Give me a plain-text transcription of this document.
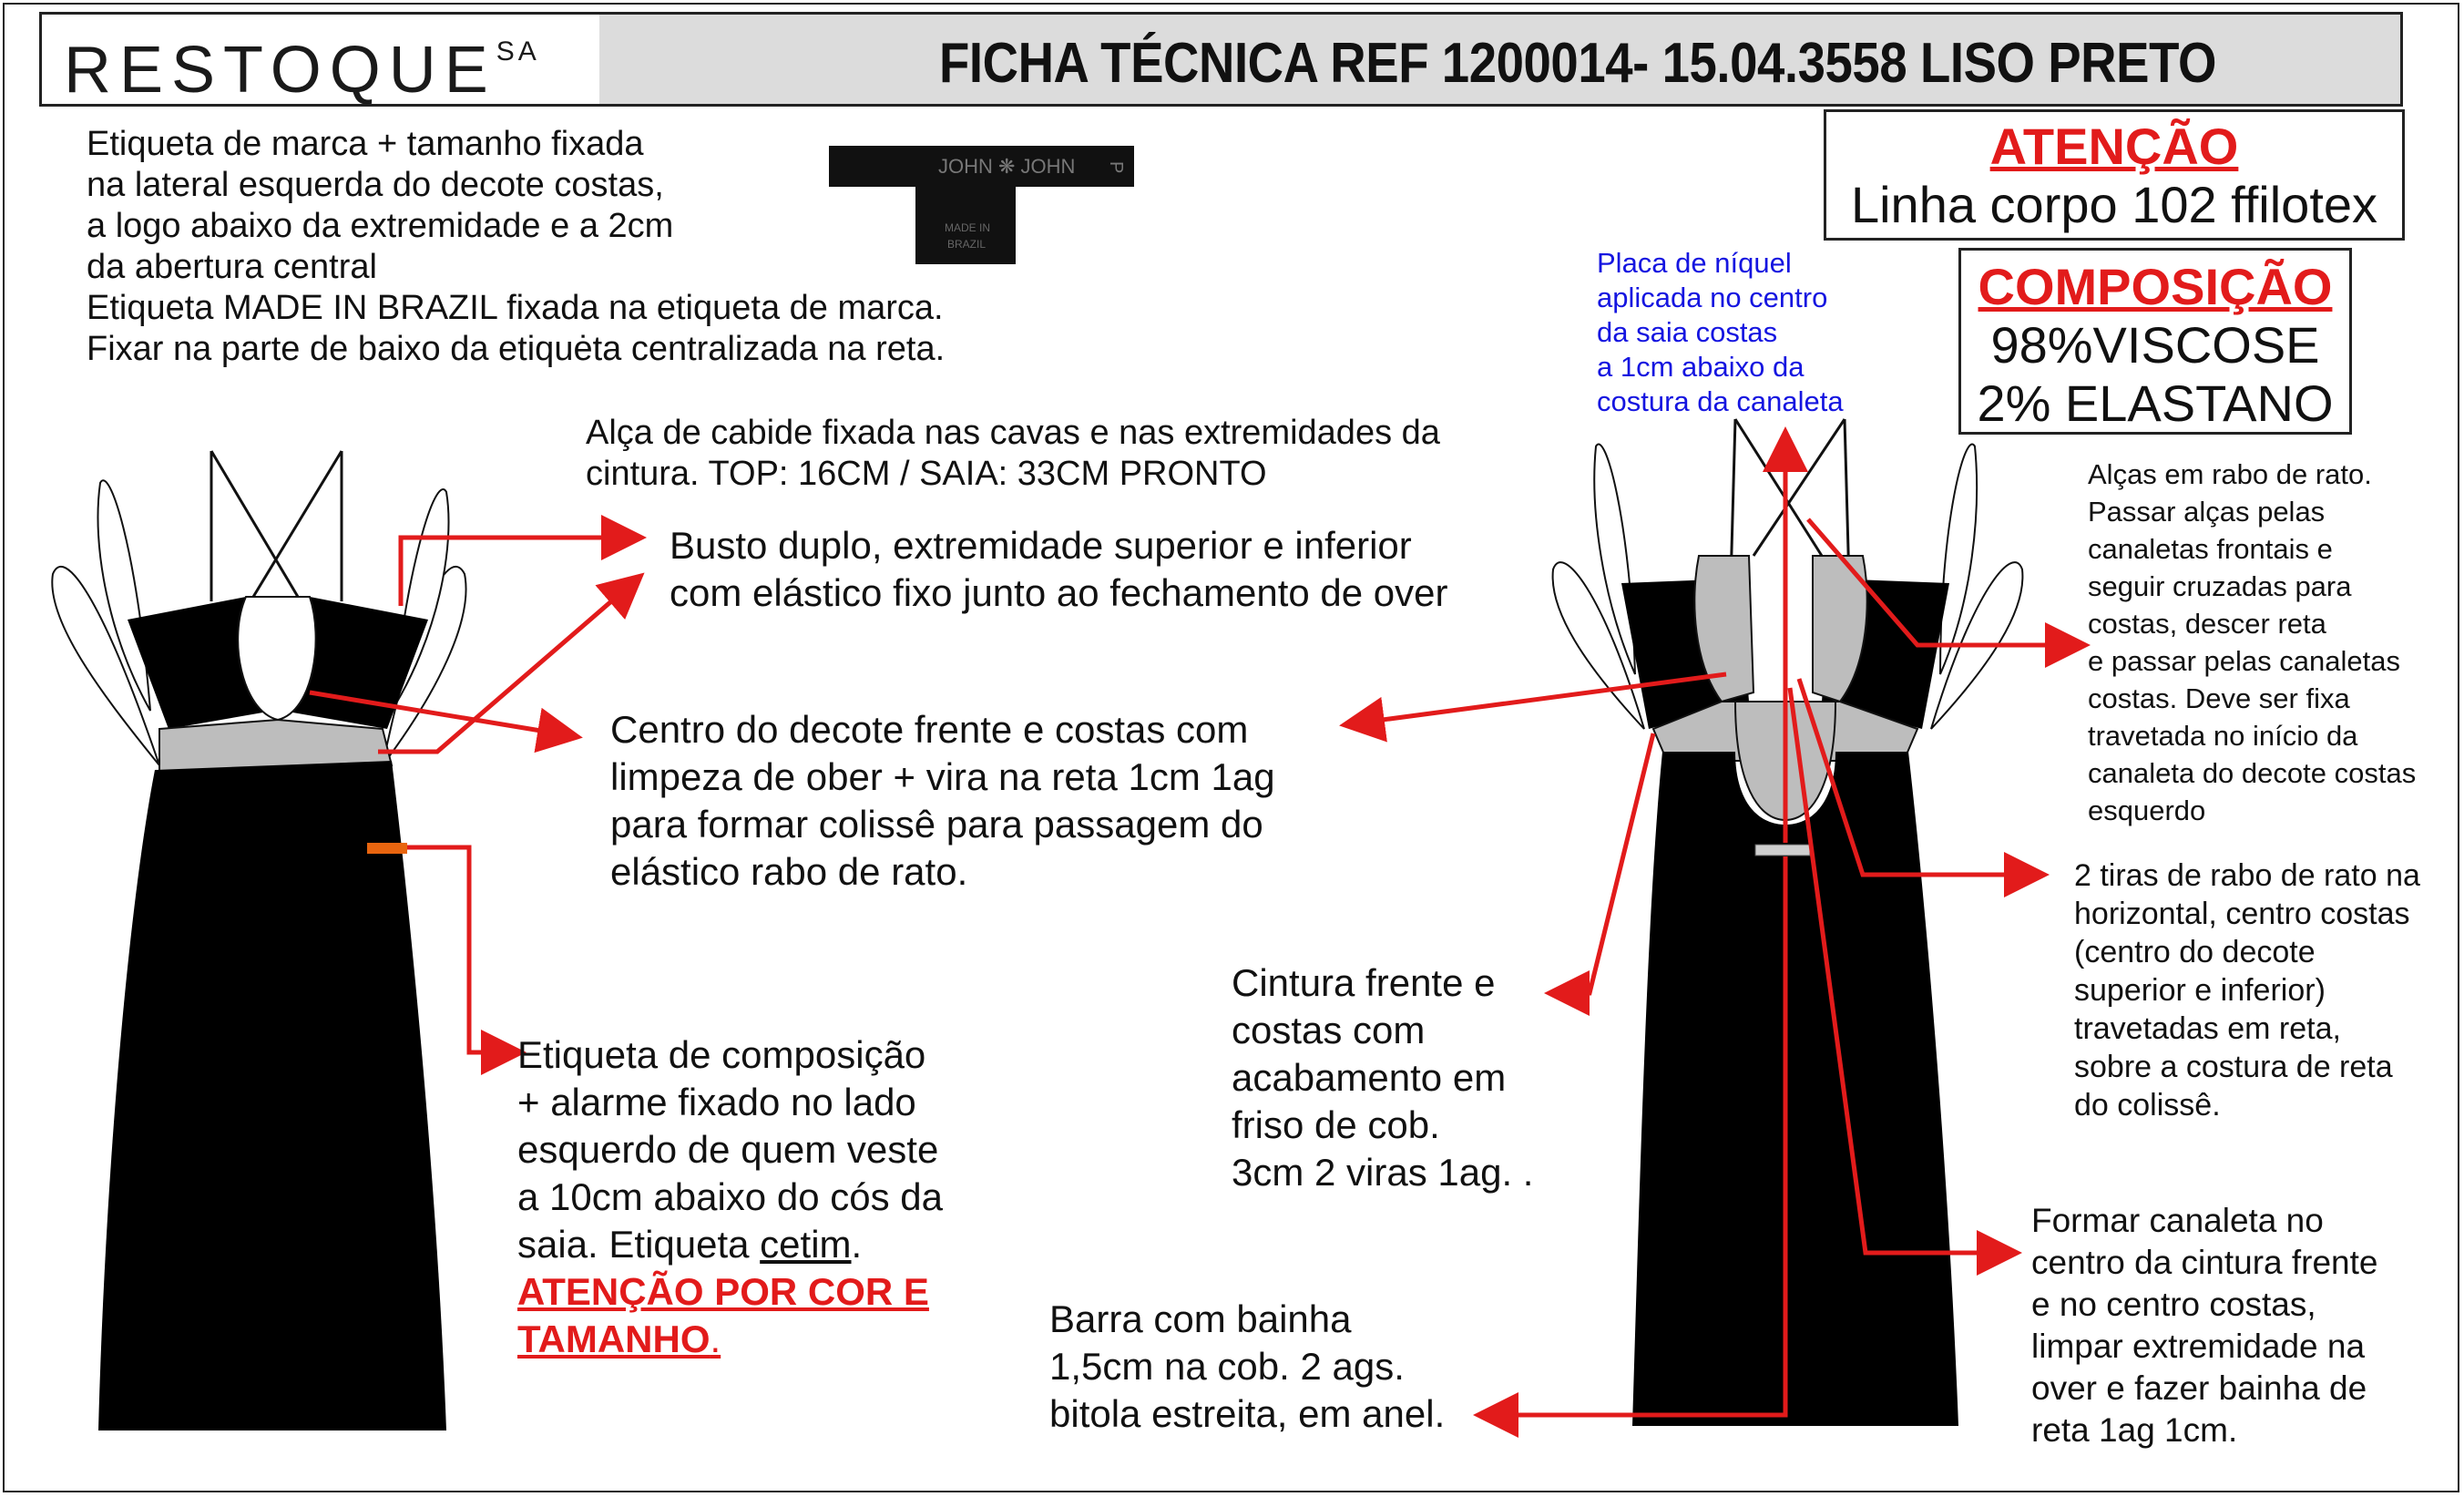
$RESTOQUE^{SA}$	FICHA TÉCNICA REF 1200014- 15.04.3558 LISO PRETO
JOHN ❋ JOHN P
MADE IN
BRAZIL
Etiqueta de marca + tamanho fixada
na lateral esquerda do decote costas,
a logo abaixo da extremidade e a 2cm
da abertura central
Etiqueta MADE IN BRAZIL fixada na etiqueta de marca.
Fixar na parte de baixo da etiquėta centralizada na reta.
Alça de cabide fixada nas cavas e nas extremidades da
cintura. TOP: 16CM / SAIA: 33CM PRONTO
Busto duplo, extremidade superior e inferior
com elástico fixo junto ao fechamento de over
Centro do decote frente e costas com
limpeza de ober + vira na reta 1cm 1ag
para formar colissê para passagem do
elástico rabo de rato.
Etiqueta de composição
+ alarme fixado no lado
esquerdo de quem veste
a 10cm abaixo do cós da
saia. Etiqueta cetim.
ATENÇÃO POR COR E
TAMANHO.
Cintura frente e
costas com
acabamento em
friso de cob.
3cm 2 viras 1ag. .
Barra com bainha
1,5cm na cob. 2 ags.
bitola estreita, em anel.
Placa de níquel
aplicada no centro
da saia costas
a 1cm abaixo da
costura da canaleta
Alças em rabo de rato.
Passar alças pelas
canaletas frontais e
seguir cruzadas para
costas, descer reta
e passar pelas canaletas
costas. Deve ser fixa
travetada no início da
canaleta do decote costas
esquerdo
2 tiras de rabo de rato na
horizontal, centro costas
(centro do decote
superior e inferior)
travetadas em reta,
sobre a costura de reta
do colissê.
Formar canaleta no
centro da cintura frente
e no centro costas,
limpar extremidade na
over e fazer bainha de
reta 1ag 1cm.
ATENÇÃO
Linha corpo 102 ffilotex
COMPOSIÇÃO
98%VISCOSE
2% ELASTANO
